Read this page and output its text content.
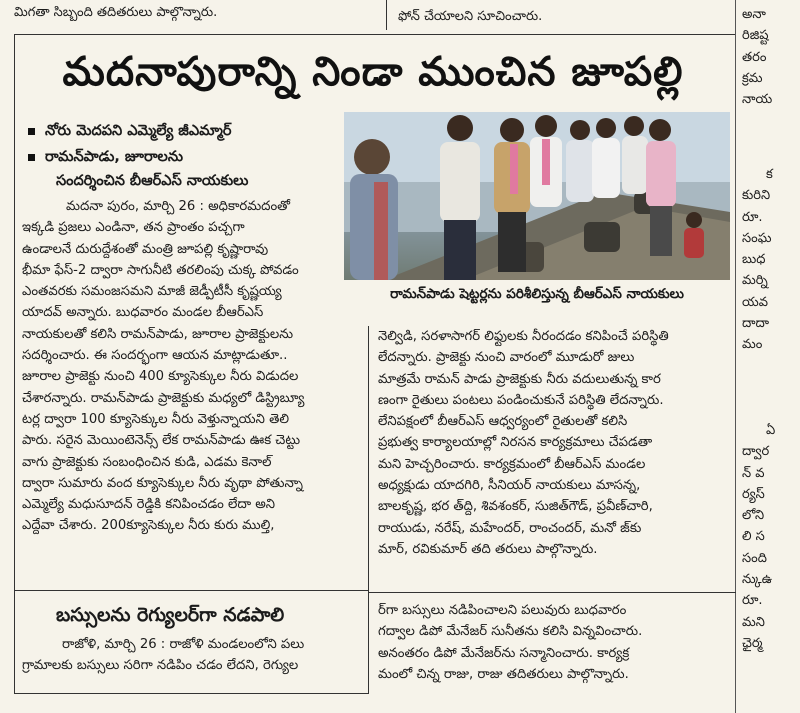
మిగతా సిబ్బంది తదితరులు పాల్గొన్నారు.	ఫోన్ చేయాలని సూచించారు.
మదనాపురాన్ని నిండా ముంచిన జూపల్లి
నోరు మెదపని ఎమ్మెల్యే జీఎమ్మార్
రామన్‌పాడు, జూరాలను
సందర్శించిన బీఆర్ఎస్ నాయకులు
రామన్‌పాడు షెట్టర్లను పరిశీలిస్తున్న బీఆర్ఎస్ నాయకులు

మదనా పురం, మార్చి 26 : అధికారమదంతో

ఇక్కడి ప్రజలు ఎండినా, తన ప్రాంతం పచ్చగా

ఉండాలనే దురుద్దేశంతో మంత్రి జూపల్లి కృష్ణారావు

భీమా ఫేస్-2 ద్వారా సాగునీటి తరలింపు చుక్క పోవడం

ఎంతవరకు సమంజసమని మాజీ జెడ్పీటీసీ కృష్ణయ్య

యాదవ్ అన్నారు. బుధవారం మండల బీఆర్ఎస్

నాయకులతో కలిసి రామన్‌పాడు, జూరాల ప్రాజెక్టులను

సదర్శించారు. ఈ సందర్భంగా ఆయన మాట్లాడుతూ..

జూరాల ప్రాజెక్టు నుంచి 400 క్యూసెక్కుల నీరు విడుదల

చేశారన్నారు. రామన్‌పాడు ప్రాజెక్టుకు మధ్యలో డిస్ట్రిబ్యూ

టర్ల ద్వారా 100 క్యూసెక్కుల నీరు వెళ్తున్నాయని తెలి

పారు. సరైన మెయింటెనెన్స్ లేక రామన్‌పాడు ఊక చెట్టు

వాగు ప్రాజెక్టుకు సంబంధించిన కుడి, ఎడమ కెనాల్

ద్వారా సుమారు వంద క్యూసెక్కుల నీరు వృథా పోతున్నా

ఎమ్మెల్యే మధుసూదన్ రెడ్డికి కనిపించడం లేదా అని

ఎద్దేవా చేశారు. 200క్యూసెక్కుల నీరు కురు ముల్తి,

నెల్విడి, సరళాసాగర్ లిఫ్టులకు నీరందడం కనిపించే పరిస్థితి

లేదన్నారు. ప్రాజెక్టు నుంచి వారంలో మూడురో జులు

మాత్రమే రామన్ పాడు ప్రాజెక్టుకు నీరు వదులుతున్న కార

ణంగా రైతులు పంటలు పండించుకునే పరిస్థితి లేదన్నారు.

లేనిపక్షంలో బీఆర్ఎస్ ఆధ్వర్యంలో రైతులతో కలిసి

ప్రభుత్వ కార్యాలయాల్లో నిరసన కార్యక్రమాలు చేపడతా

మని హెచ్చరించారు. కార్యక్రమంలో బీఆర్ఎస్ మండల

అధ్యక్షుడు యాదగిరి, సీనియర్ నాయకులు మాసన్న,

బాలకృష్ణ, భర త్‌ద్ది, శివశంకర్, సుజిత్‌గౌడ్, ప్రవీణ్‌చారి,

రాయుడు, నరేష్, మహేందర్, రాంచందర్, మనో జ్‌కు

మార్, రవికుమార్ తది తరులు పాల్గొన్నారు.

బస్సులను రెగ్యులర్‌గా నడపాలి

రాజోళి, మార్చి 26 : రాజోళి మండలంలోని పలు

గ్రామాలకు బస్సులు సరిగా నడిపిం చడం లేదని, రెగ్యుల

ర్‌గా బస్సులు నడిపించాలని పలువురు బుధవారం

గద్వాల డిపో మేనేజర్ సునీతను కలిసి విన్నవించారు.

అనంతరం డిపో మేనేజర్‌ను సన్మానించారు. కార్యక్ర

మంలో చిన్న రాజు, రాజు తదితరులు పాల్గొన్నారు.

అనా

రిజిష్ట

తరం

క్రమ

నాయ

క

కురిని

రూ.

సంఘ

బుధ

మర్ని

యవ

దాదా

మం

ఏ

ద్వార

న్ వ

ర్యస్

లోని

లి స

సంది

న్కుఉ

రూ.

మని

ఛైర్మ
